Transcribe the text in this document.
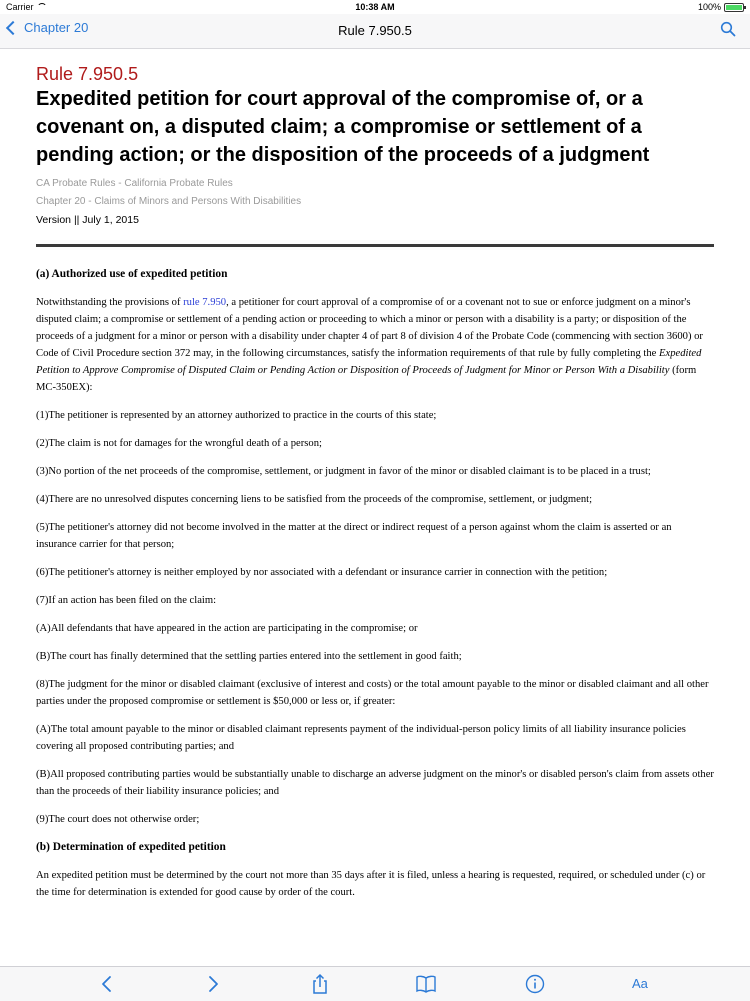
Carrier	10:38 AM	100%
Chapter 20	Rule 7.950.5
Rule 7.950.5
Expedited petition for court approval of the compromise of, or a covenant on, a disputed claim; a compromise or settlement of a pending action; or the disposition of the proceeds of a judgment
CA Probate Rules - California Probate Rules
Chapter 20 - Claims of Minors and Persons With Disabilities
Version || July 1, 2015
(a) Authorized use of expedited petition
Notwithstanding the provisions of rule 7.950, a petitioner for court approval of a compromise of or a covenant not to sue or enforce judgment on a minor's disputed claim; a compromise or settlement of a pending action or proceeding to which a minor or person with a disability is a party; or disposition of the proceeds of a judgment for a minor or person with a disability under chapter 4 of part 8 of division 4 of the Probate Code (commencing with section 3600) or Code of Civil Procedure section 372 may, in the following circumstances, satisfy the information requirements of that rule by fully completing the Expedited Petition to Approve Compromise of Disputed Claim or Pending Action or Disposition of Proceeds of Judgment for Minor or Person With a Disability (form MC-350EX):
(1)The petitioner is represented by an attorney authorized to practice in the courts of this state;
(2)The claim is not for damages for the wrongful death of a person;
(3)No portion of the net proceeds of the compromise, settlement, or judgment in favor of the minor or disabled claimant is to be placed in a trust;
(4)There are no unresolved disputes concerning liens to be satisfied from the proceeds of the compromise, settlement, or judgment;
(5)The petitioner's attorney did not become involved in the matter at the direct or indirect request of a person against whom the claim is asserted or an insurance carrier for that person;
(6)The petitioner's attorney is neither employed by nor associated with a defendant or insurance carrier in connection with the petition;
(7)If an action has been filed on the claim:
(A)All defendants that have appeared in the action are participating in the compromise; or
(B)The court has finally determined that the settling parties entered into the settlement in good faith;
(8)The judgment for the minor or disabled claimant (exclusive of interest and costs) or the total amount payable to the minor or disabled claimant and all other parties under the proposed compromise or settlement is $50,000 or less or, if greater:
(A)The total amount payable to the minor or disabled claimant represents payment of the individual-person policy limits of all liability insurance policies covering all proposed contributing parties; and
(B)All proposed contributing parties would be substantially unable to discharge an adverse judgment on the minor's or disabled person's claim from assets other than the proceeds of their liability insurance policies; and
(9)The court does not otherwise order;
(b) Determination of expedited petition
An expedited petition must be determined by the court not more than 35 days after it is filed, unless a hearing is requested, required, or scheduled under (c) or the time for determination is extended for good cause by order of the court.
Aa
